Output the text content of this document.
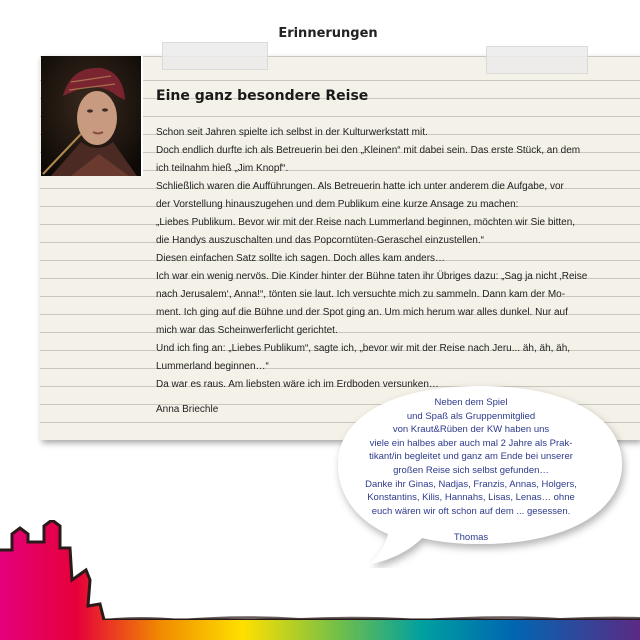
Erinnerungen
Eine ganz besondere Reise

Schon seit Jahren spielte ich selbst in der Kulturwerkstatt mit.

Doch endlich durfte ich als Betreuerin bei den „Kleinen“ mit dabei sein. Das erste Stück, an dem

ich teilnahm hieß „Jim Knopf“.

Schließlich waren die Aufführungen. Als Betreuerin hatte ich unter anderem die Aufgabe, vor

der Vorstellung hinauszugehen und dem Publikum eine kurze Ansage zu machen:

„Liebes Publikum. Bevor wir mit der Reise nach Lummerland beginnen, möchten wir Sie bitten,

die Handys auszuschalten und das Popcorntüten-Geraschel einzustellen.“

Diesen einfachen Satz sollte ich sagen. Doch alles kam anders…

Ich war ein wenig nervös. Die Kinder hinter der Bühne taten ihr Übriges dazu: „Sag ja nicht ‚Reise

nach Jerusalem‘, Anna!“, tönten sie laut. Ich versuchte mich zu sammeln. Dann kam der Mo-

ment. Ich ging auf die Bühne und der Spot ging an. Um mich herum war alles dunkel. Nur auf

mich war das Scheinwerferlicht gerichtet.

Und ich fing an: „Liebes Publikum“, sagte ich, „bevor wir mit der Reise nach Jeru... äh, äh, äh,

Lummerland beginnen…“

Da war es raus. Am liebsten wäre ich im Erdboden versunken…

Anna Briechle

Neben dem Spiel

und Spaß als Gruppenmitglied

von Kraut&Rüben der KW haben uns

viele ein halbes aber auch mal 2 Jahre als Prak-

tikant/in begleitet und ganz am Ende bei unserer

großen Reise sich selbst gefunden…

Danke ihr Ginas, Nadjas, Franzis, Annas, Holgers,

Konstantins, Kilis, Hannahs, Lisas, Lenas… ohne

euch wären wir oft schon auf dem ... gesessen.

Thomas
